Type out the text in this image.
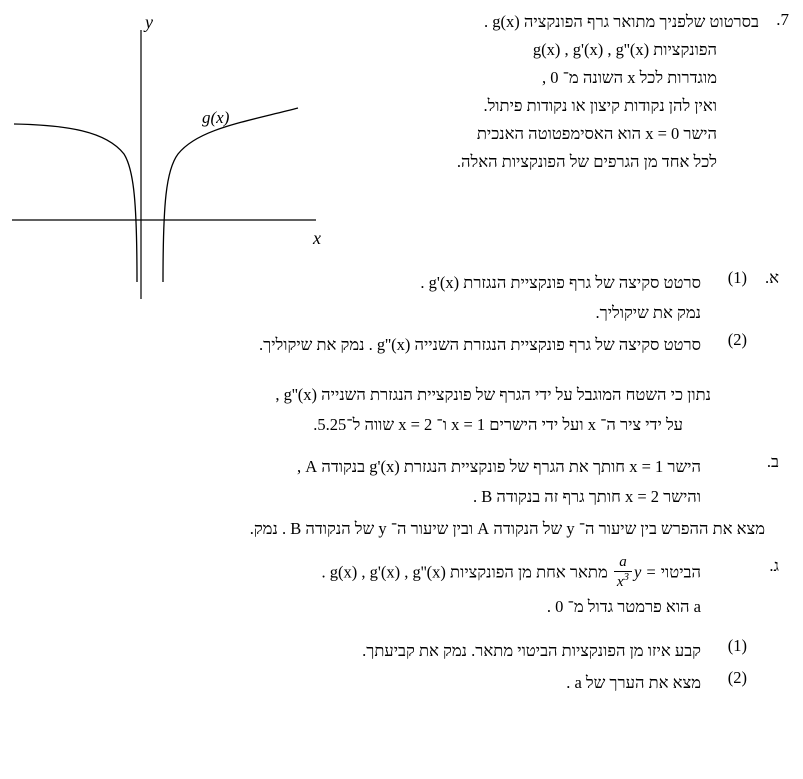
7.
בסרטוט שלפניך מתואר גרף הפונקציה g(x) .
הפונקציות g(x) , g'(x) , g''(x)
מוגדרות לכל x השונה מ־ 0 ,
ואין להן נקודות קיצון או נקודות פיתול.
הישר x = 0 הוא האסימפטוטה האנכית
לכל אחד מן הגרפים של הפונקציות האלה.
y
x
g(x)
א.
(1)
סרטט סקיצה של גרף פונקציית הנגזרת g'(x) .
נמק את שיקוליך.
(2)
סרטט סקיצה של גרף פונקציית הנגזרת השנייה g''(x) . נמק את שיקוליך.
נתון כי השטח המוגבל על ידי הגרף של פונקציית הנגזרת השנייה g''(x) ,
על ידי ציר ה־ x ועל ידי הישרים x = 1 ו־ x = 2 שווה ל־5.25.
ב.
הישר x = 1 חותך את הגרף של פונקציית הנגזרת g'(x) בנקודה A ,
והישר x = 2 חותך גרף זה בנקודה B .
מצא את ההפרש בין שיעור ה־ y של הנקודה A ובין שיעור ה־ y של הנקודה B . נמק.
ג.
הביטוי y =
$\frac{a}{x^3}$
מתאר אחת מן הפונקציות g(x) , g'(x) , g''(x) .
a הוא פרמטר גדול מ־ 0 .
(1)
קבע איזו מן הפונקציות הביטוי מתאר. נמק את קביעתך.
(2)
מצא את הערך של a .
